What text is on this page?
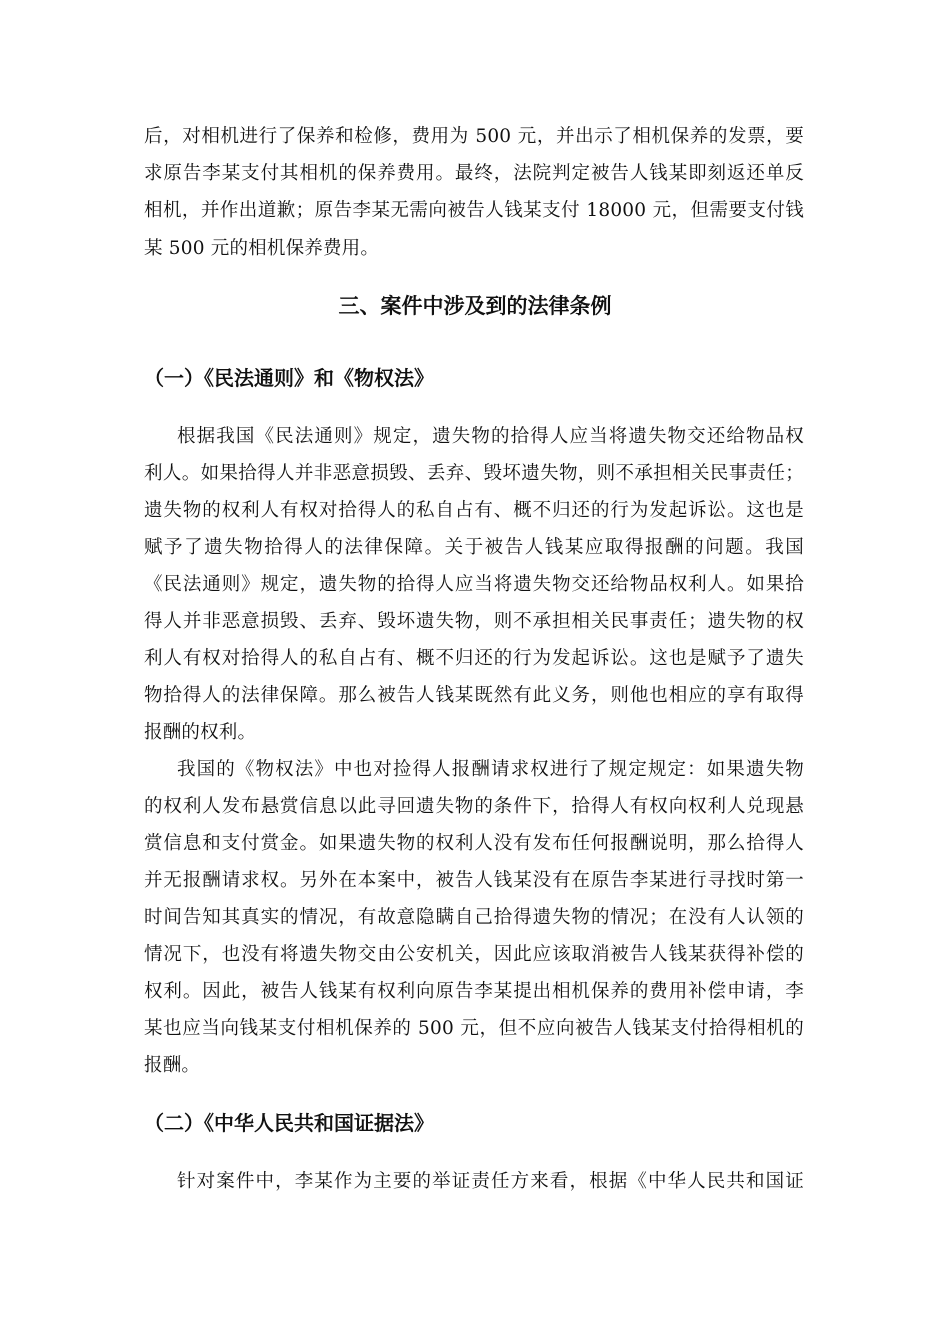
后，对相机进行了保养和检修，费用为 500 元，并出示了相机保养的发票，要
求原告李某支付其相机的保养费用。最终，法院判定被告人钱某即刻返还单反
相机，并作出道歉；原告李某无需向被告人钱某支付 18000 元，但需要支付钱
某 500 元的相机保养费用。
三、案件中涉及到的法律条例
（一）《民法通则》和《物权法》
根据我国《民法通则》规定，遗失物的拾得人应当将遗失物交还给物品权
利人。如果拾得人并非恶意损毁、丢弃、毁坏遗失物，则不承担相关民事责任；
遗失物的权利人有权对拾得人的私自占有、概不归还的行为发起诉讼。这也是
赋予了遗失物拾得人的法律保障。关于被告人钱某应取得报酬的问题。我国
《民法通则》规定，遗失物的拾得人应当将遗失物交还给物品权利人。如果拾
得人并非恶意损毁、丢弃、毁坏遗失物，则不承担相关民事责任；遗失物的权
利人有权对拾得人的私自占有、概不归还的行为发起诉讼。这也是赋予了遗失
物拾得人的法律保障。那么被告人钱某既然有此义务，则他也相应的享有取得
报酬的权利。
我国的《物权法》中也对捡得人报酬请求权进行了规定规定：如果遗失物
的权利人发布悬赏信息以此寻回遗失物的条件下，拾得人有权向权利人兑现悬
赏信息和支付赏金。如果遗失物的权利人没有发布任何报酬说明，那么拾得人
并无报酬请求权。另外在本案中，被告人钱某没有在原告李某进行寻找时第一
时间告知其真实的情况，有故意隐瞒自己拾得遗失物的情况；在没有人认领的
情况下，也没有将遗失物交由公安机关，因此应该取消被告人钱某获得补偿的
权利。因此，被告人钱某有权利向原告李某提出相机保养的费用补偿申请，李
某也应当向钱某支付相机保养的 500 元，但不应向被告人钱某支付拾得相机的
报酬。
（二）《中华人民共和国证据法》
针对案件中，李某作为主要的举证责任方来看，根据《中华人民共和国证
